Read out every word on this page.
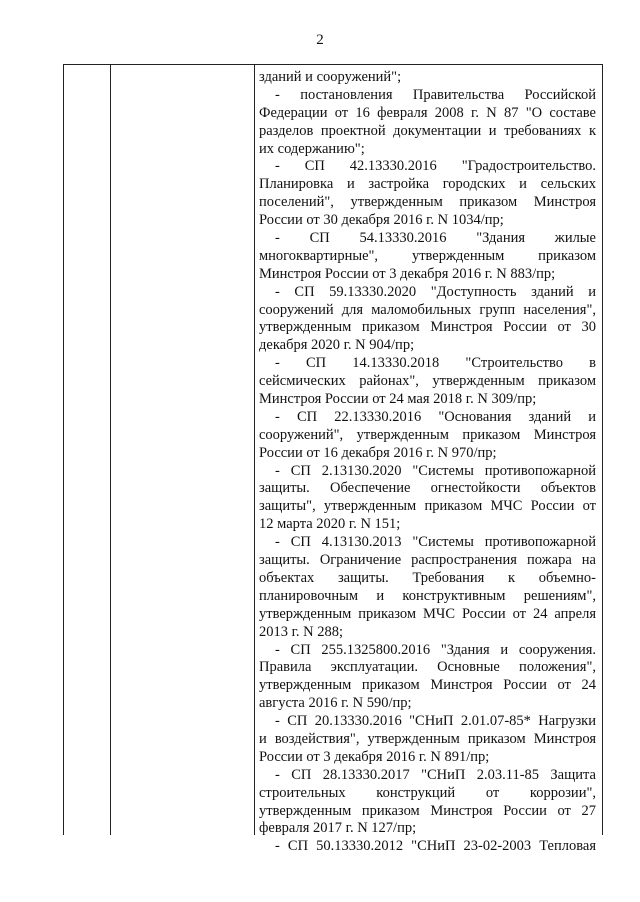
2
зданий и сооружений";
- постановления Правительства Российской
Федерации от 16 февраля 2008 г. N 87 "О составе
разделов проектной документации и требованиях к
их содержанию";
- СП 42.13330.2016 "Градостроительство.
Планировка и застройка городских и сельских
поселений", утвержденным приказом Минстроя
России от 30 декабря 2016 г. N 1034/пр;
- СП 54.13330.2016 "Здания жилые
многоквартирные", утвержденным приказом
Минстроя России от 3 декабря 2016 г. N 883/пр;
- СП 59.13330.2020 "Доступность зданий и
сооружений для маломобильных групп населения",
утвержденным приказом Минстроя России от 30
декабря 2020 г. N 904/пр;
- СП 14.13330.2018 "Строительство в
сейсмических районах", утвержденным приказом
Минстроя России от 24 мая 2018 г. N 309/пр;
- СП 22.13330.2016 "Основания зданий и
сооружений", утвержденным приказом Минстроя
России от 16 декабря 2016 г. N 970/пр;
- СП 2.13130.2020 "Системы противопожарной
защиты. Обеспечение огнестойкости объектов
защиты", утвержденным приказом МЧС России от
12 марта 2020 г. N 151;
- СП 4.13130.2013 "Системы противопожарной
защиты. Ограничение распространения пожара на
объектах защиты. Требования к объемно-
планировочным и конструктивным решениям",
утвержденным приказом МЧС России от 24 апреля
2013 г. N 288;
- СП 255.1325800.2016 "Здания и сооружения.
Правила эксплуатации. Основные положения",
утвержденным приказом Минстроя России от 24
августа 2016 г. N 590/пр;
- СП 20.13330.2016 "СНиП 2.01.07-85* Нагрузки
и воздействия", утвержденным приказом Минстроя
России от 3 декабря 2016 г. N 891/пр;
- СП 28.13330.2017 "СНиП 2.03.11-85 Защита
строительных конструкций от коррозии",
утвержденным приказом Минстроя России от 27
февраля 2017 г. N 127/пр;
- СП 50.13330.2012 "СНиП 23-02-2003 Тепловая
